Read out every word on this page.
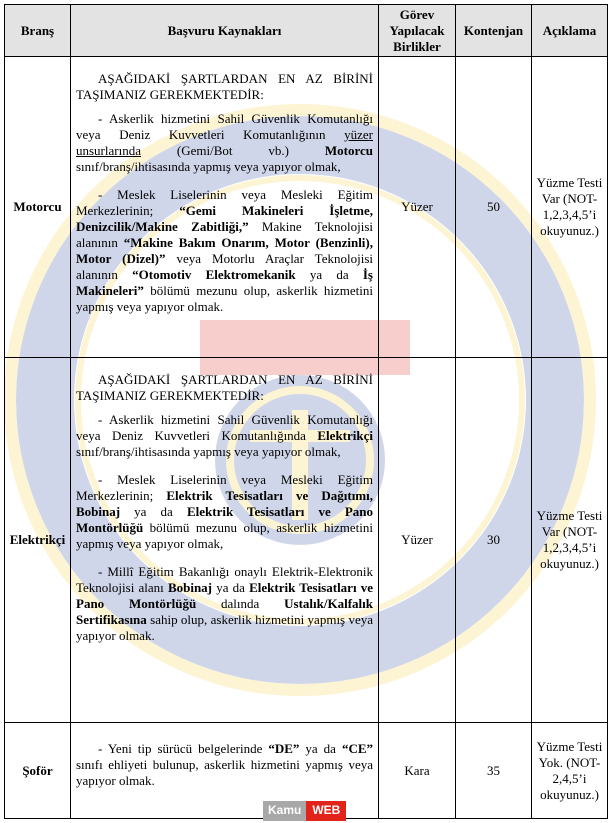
Branş	Başvuru Kaynakları	Görev Yapılacak Birlikler	Kontenjan	Açıklama
Motorcu	AŞAĞIDAKİ ŞARTLARDAN EN AZ BİRİNİ TAŞIMANIZ GEREKMEKTEDİR:

- Askerlik hizmetini Sahil Güvenlik Komutanlığı veya Deniz Kuvvetleri Komutanlığının yüzer unsurlarında (Gemi/Bot vb.) Motorcu sınıf/branş/ihtisasında yapmış veya yapıyor olmak,

- Meslek Liselerinin veya Mesleki Eğitim Merkezlerinin; “Gemi Makineleri İşletme, Denizcilik/Makine Zabitliği,” Makine Teknolojisi alanının “Makine Bakım Onarım, Motor (Benzinli), Motor (Dizel)” veya Motorlu Araçlar Teknolojisi alanının “Otomotiv Elektromekanik ya da İş Makineleri” bölümü mezunu olup, askerlik hizmetini yapmış veya yapıyor olmak.	Yüzer	50	Yüzme Testi Var (NOT-1,2,3,4,5’i okuyunuz.)
Elektrikçi	AŞAĞIDAKİ ŞARTLARDAN EN AZ BİRİNİ TAŞIMANIZ GEREKMEKTEDİR:

- Askerlik hizmetini Sahil Güvenlik Komutanlığı veya Deniz Kuvvetleri Komutanlığında Elektrikçi sınıf/branş/ihtisasında yapmış veya yapıyor olmak,

- Meslek Liselerinin veya Mesleki Eğitim Merkezlerinin; Elektrik Tesisatları ve Dağıtımı, Bobinaj ya da Elektrik Tesisatları ve Pano Montörlüğü bölümü mezunu olup, askerlik hizmetini yapmış veya yapıyor olmak,

- Millî Eğitim Bakanlığı onaylı Elektrik-Elektronik Teknolojisi alanı Bobinaj ya da Elektrik Tesisatları ve Pano Montörlüğü dalında Ustalık/Kalfalık Sertifikasına sahip olup, askerlik hizmetini yapmış veya yapıyor olmak.	Yüzer	30	Yüzme Testi Var (NOT-1,2,3,4,5’i okuyunuz.)
Şoför	- Yeni tip sürücü belgelerinde “DE” ya da “CE” sınıfı ehliyeti bulunup, askerlik hizmetini yapmış veya yapıyor olmak.	Kara	35	Yüzme Testi Yok. (NOT-2,4,5’i okuyunuz.)
Kamu WEB
